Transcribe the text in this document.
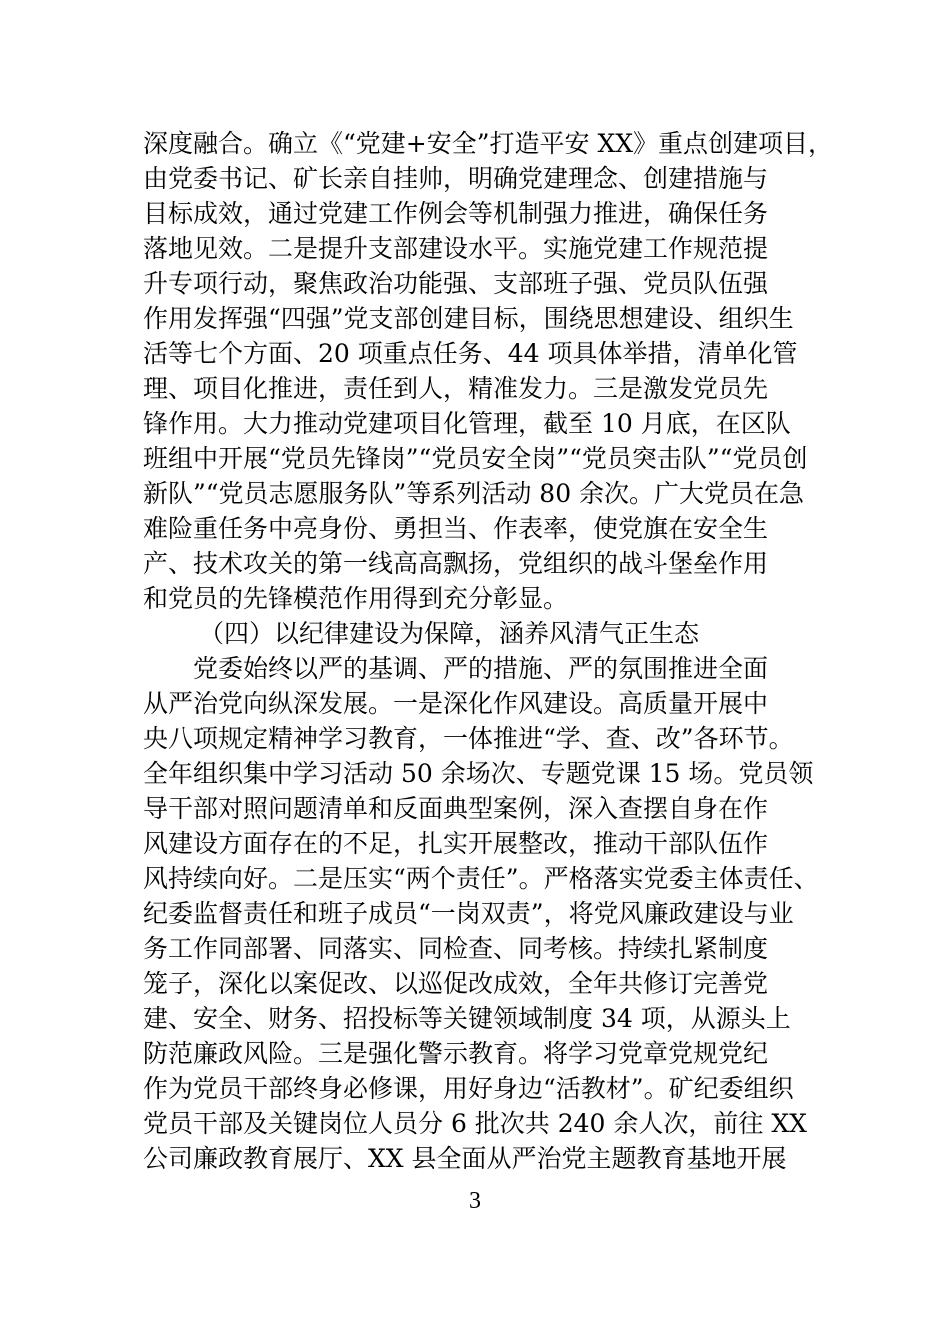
深度融合。确立《“党建+安全”打造平安 XX》重点创建项目，
由党委书记、矿长亲自挂帅，明确党建理念、创建措施与
目标成效，通过党建工作例会等机制强力推进，确保任务
落地见效。二是提升支部建设水平。实施党建工作规范提
升专项行动，聚焦政治功能强、支部班子强、党员队伍强
作用发挥强“四强”党支部创建目标，围绕思想建设、组织生
活等七个方面、20 项重点任务、44 项具体举措，清单化管
理、项目化推进，责任到人，精准发力。三是激发党员先
锋作用。大力推动党建项目化管理，截至 10 月底，在区队
班组中开展“党员先锋岗”“党员安全岗”“党员突击队”“党员创
新队”“党员志愿服务队”等系列活动 80 余次。广大党员在急
难险重任务中亮身份、勇担当、作表率，使党旗在安全生
产、技术攻关的第一线高高飘扬，党组织的战斗堡垒作用
和党员的先锋模范作用得到充分彰显。
（四）以纪律建设为保障，涵养风清气正生态
党委始终以严的基调、严的措施、严的氛围推进全面
从严治党向纵深发展。一是深化作风建设。高质量开展中
央八项规定精神学习教育，一体推进“学、查、改”各环节。
全年组织集中学习活动 50 余场次、专题党课 15 场。党员领
导干部对照问题清单和反面典型案例，深入查摆自身在作
风建设方面存在的不足，扎实开展整改，推动干部队伍作
风持续向好。二是压实“两个责任”。严格落实党委主体责任、
纪委监督责任和班子成员“一岗双责”，将党风廉政建设与业
务工作同部署、同落实、同检查、同考核。持续扎紧制度
笼子，深化以案促改、以巡促改成效，全年共修订完善党
建、安全、财务、招投标等关键领域制度 34 项，从源头上
防范廉政风险。三是强化警示教育。将学习党章党规党纪
作为党员干部终身必修课，用好身边“活教材”。矿纪委组织
党员干部及关键岗位人员分 6 批次共 240 余人次，前往 XX
公司廉政教育展厅、XX 县全面从严治党主题教育基地开展
3
